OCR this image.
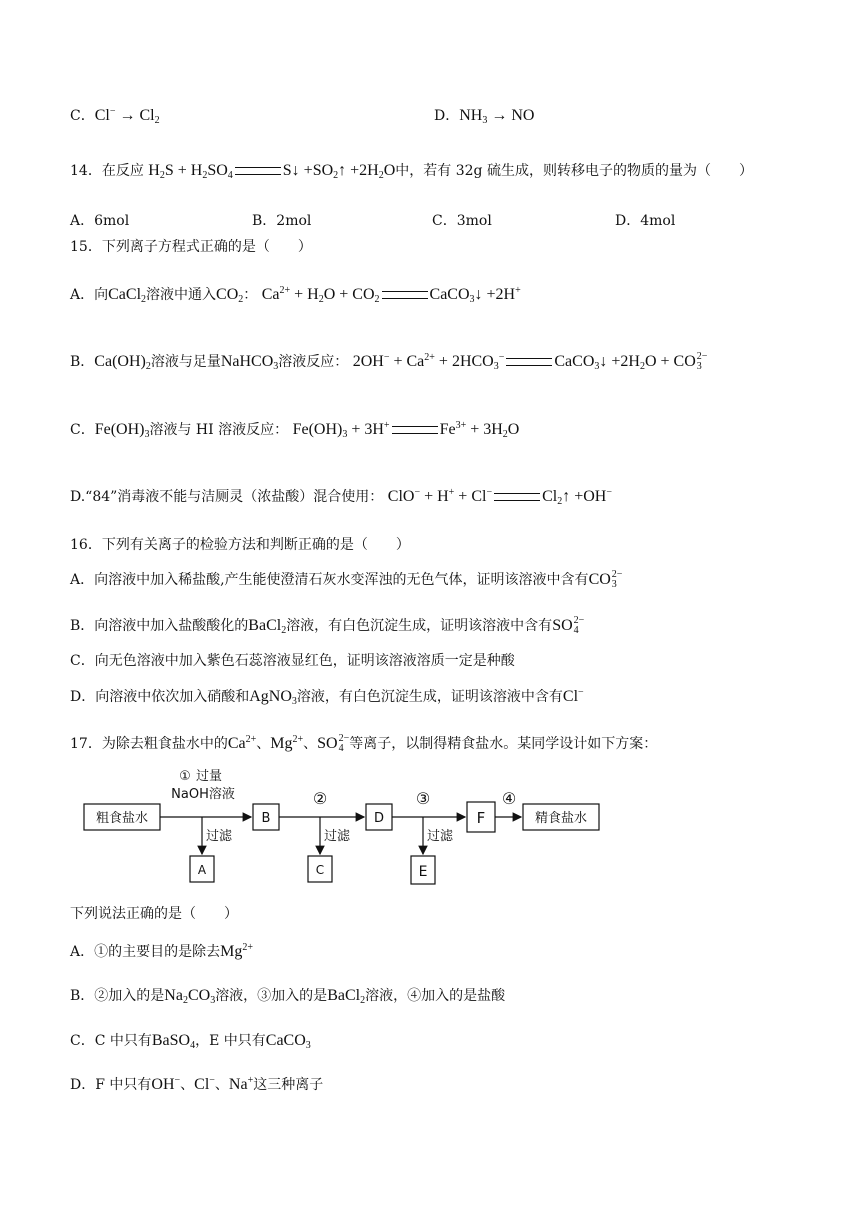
C．$Cl^- \to Cl_2$	D．$NH_3$ → NO
14．在反应 $H_2S + H_2SO_4$	S↓ $+SO_2↑ +2H_2O$中，若有 32g 硫生成，则转移电子的物质的量为（　　）
A．6mol	B．2mol	C．3mol	D．4mol
15．下列离子方程式正确的是（　　）
A．向CaCl$_2$溶液中通入$CO_2$： $Ca^{2+} + H_2O + CO_2$	CaCO$_3$↓ +2H+
B．$Ca(OH)_2$溶液与足量NaHCO$_3$溶液反应： $2OH^- + Ca^{2+} + 2HCO_3^-$	CaCO$_3$↓ $+2H_2O$ + CO 2−
3
C．$Fe(OH)_3$溶液与 HI 溶液反应： $Fe(OH)_3 + 3H^+$	$Fe^{3+} + 3H_2O$
D.“84”消毒液不能与洁厕灵（浓盐酸）混合使用： ClO− + H+ + Cl−	$Cl_2↑ +OH^-$
16．下列有关离子的检验方法和判断正确的是（　　）
A．向溶液中加入稀盐酸,产生能使澄清石灰水变浑浊的无色气体，证明该溶液中含有CO 2−
3
B．向溶液中加入盐酸酸化的BaCl$_2$溶液，有白色沉淀生成，证明该溶液中含有SO 2−
4
C．向无色溶液中加入紫色石蕊溶液显红色，证明该溶液溶质一定是种酸
D．向溶液中依次加入硝酸和AgNO$_3$溶液，有白色沉淀生成，证明该溶液中含有Cl−
17．为除去粗食盐水中的$Ca^{2+}$、$Mg^{2+}$、SO 2−
4 等离子，以制得精食盐水。某同学设计如下方案：
粗食盐水
① 过量
NaOH溶液
B
②
D
③
F
④
精食盐水
过滤	过滤	过滤
A	C	E
下列说法正确的是（　　）
A．①的主要目的是除去$Mg^{2+}$
B．②加入的是$Na_2CO_3$溶液，③加入的是BaCl$_2$溶液，④加入的是盐酸
C．C 中只有BaSO$_4$，E 中只有CaCO$_3$
D．F 中只有OH−、Cl−、Na+这三种离子
